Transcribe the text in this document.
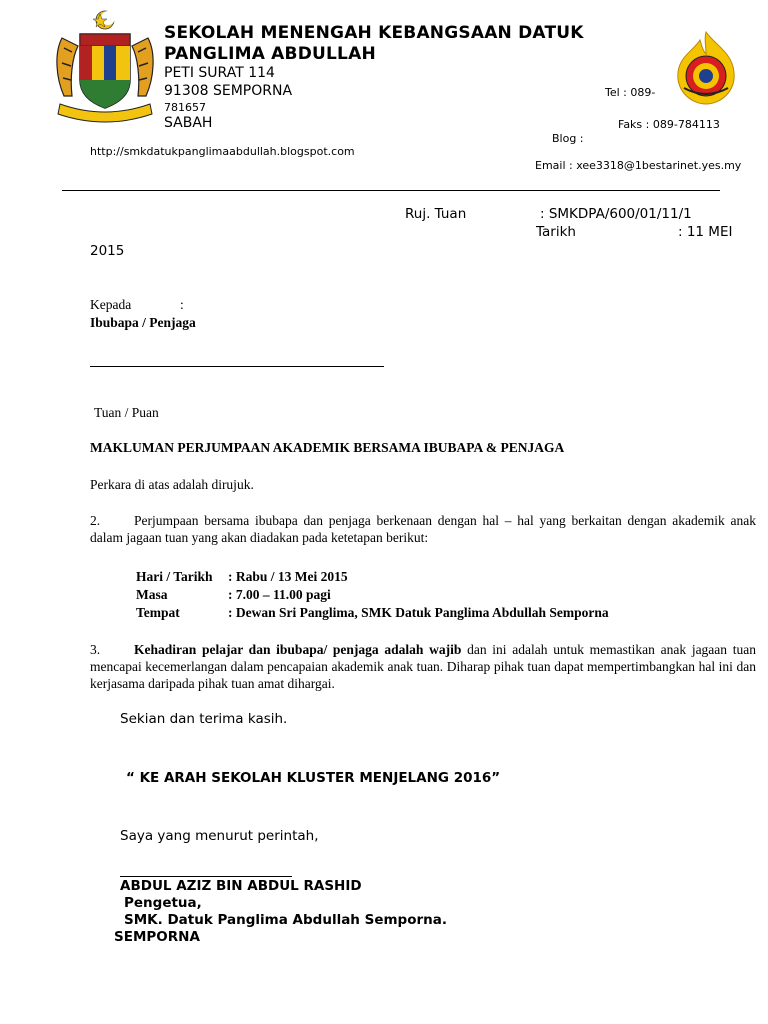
SEKOLAH MENENGAH KEBANGSAAN DATUK
PANGLIMA ABDULLAH
PETI SURAT 114
91308 SEMPORNA
781657
SABAH
http://smkdatukpanglimaabdullah.blogspot.com
Tel : 089-
Faks : 089-784113
Blog :
Email : xee3318@1bestarinet.yes.my
Ruj. Tuan	: SMKDPA/600/01/11/1
Tarikh	: 11 MEI
2015
Kepada	:
Ibubapa / Penjaga
Tuan / Puan
MAKLUMAN PERJUMPAAN AKADEMIK BERSAMA IBUBAPA & PENJAGA
Perkara di atas adalah dirujuk.
2.	Perjumpaan bersama ibubapa dan penjaga berkenaan dengan hal – hal yang berkaitan dengan akademik anak dalam jagaan tuan yang akan diadakan pada ketetapan berikut:
Hari / Tarikh : Rabu / 13 Mei 2015
Masa	: 7.00 – 11.00 pagi
Tempat	: Dewan Sri Panglima, SMK Datuk Panglima Abdullah Semporna
3.	Kehadiran pelajar dan ibubapa/ penjaga adalah wajib dan ini adalah untuk memastikan anak jagaan tuan mencapai kecemerlangan dalam pencapaian akademik anak tuan. Diharap pihak tuan dapat mempertimbangkan hal ini dan kerjasama daripada pihak tuan amat dihargai.
Sekian dan terima kasih.
“ KE ARAH SEKOLAH KLUSTER MENJELANG 2016”
Saya yang menurut perintah,
ABDUL AZIZ BIN ABDUL RASHID
Pengetua,
SMK. Datuk Panglima Abdullah Semporna.
SEMPORNA
